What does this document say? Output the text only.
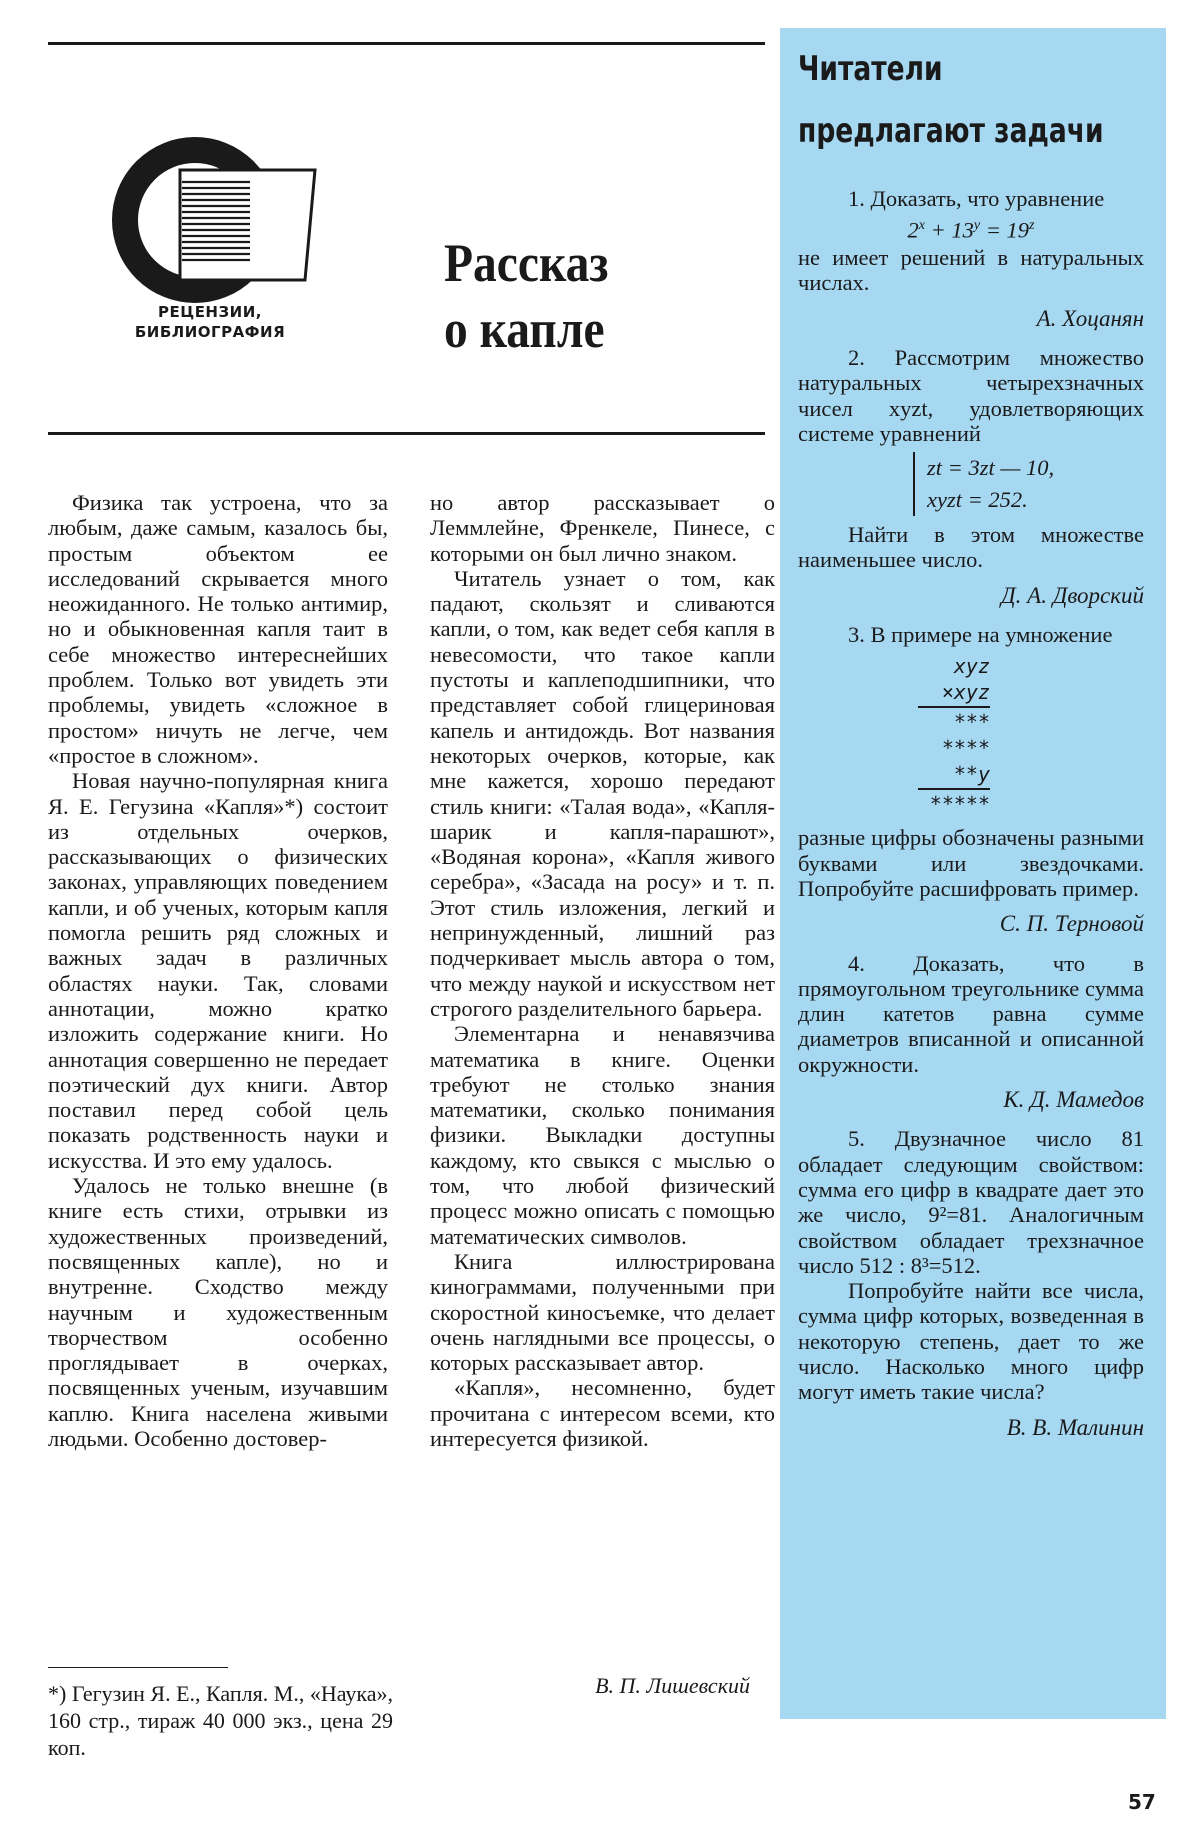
РЕЦЕНЗИИ,
БИБЛИОГРАФИЯ
Рассказ
о капле

Физика так устроена, что за любым, даже самым, казалось бы, простым объектом ее исследований скрывается много неожиданного. Не только антимир, но и обыкновенная капля таит в себе множество интереснейших проблем. Только вот увидеть эти проблемы, увидеть «сложное в простом» ничуть не легче, чем «простое в сложном».

Новая научно-популярная книга Я. Е. Гегузина «Капля»*) состоит из отдельных очерков, рассказывающих о физических законах, управляющих поведением капли, и об ученых, которым капля помогла решить ряд сложных и важных задач в различных областях науки. Так, словами аннотации, можно кратко изложить содержание книги. Но аннотация совершенно не передает поэтический дух книги. Автор поставил перед собой цель показать родственность науки и искусства. И это ему удалось.

Удалось не только внешне (в книге есть стихи, отрывки из художественных произведений, посвященных капле), но и внутренне. Сходство между научным и художественным творчеством особенно проглядывает в очерках, посвященных ученым, изучавшим каплю. Книга населена живыми людьми. Особенно достовер-

но автор рассказывает о Леммлейне, Френкеле, Пинесе, с которыми он был лично знаком.

Читатель узнает о том, как падают, скользят и сливаются капли, о том, как ведет себя капля в невесомости, что такое капли пустоты и каплеподшипники, что представляет собой глицериновая капель и антидождь. Вот названия некоторых очерков, которые, как мне кажется, хорошо передают стиль книги: «Талая вода», «Капля-шарик и капля-парашют», «Водяная корона», «Капля живого серебра», «Засада на росу» и т. п. Этот стиль изложения, легкий и непринужденный, лишний раз подчеркивает мысль автора о том, что между наукой и искусством нет строгого разделительного барьера.

Элементарна и ненавязчива математика в книге. Оценки требуют не столько знания математики, сколько понимания физики. Выкладки доступны каждому, кто свыкся с мыслью о том, что любой физический процесс можно описать с помощью математических символов.

Книга иллюстрирована кинограммами, полученными при скоростной киносъемке, что делает очень наглядными все процессы, о которых рассказывает автор.

«Капля», несомненно, будет прочитана с интересом всеми, кто интересуется физикой.

*) Гегузин Я. Е., Капля. М., «Наука», 160 стр., тираж 40 000 экз., цена 29 коп.
В. П. Лишевский
Читатели
предлагают задачи

1. Доказать, что уравнение

$2^x + 13^y = 19^z$

не имеет решений в натуральных числах.

А. Хоцанян

2. Рассмотрим множество натуральных четырехзначных чисел xyzt, удовлетворяющих системе уравнений

zt = 3zt — 10,
xyzt = 252.

Найти в этом множестве наименьшее число.

Д. А. Дворский

3. В примере на умножение

xyz
×xyz
***
****
**y
*****

разные цифры обозначены разными буквами или звездочками. Попробуйте расшифровать пример.

С. П. Терновой

4. Доказать, что в прямоугольном треугольнике сумма длин катетов равна сумме диаметров вписанной и описанной окружности.

К. Д. Мамедов

5. Двузначное число 81 обладает следующим свойством: сумма его цифр в квадрате дает это же число, 9²=81. Аналогичным свойством обладает трехзначное число 512 : 8³=512.

Попробуйте найти все числа, сумма цифр которых, возведенная в некоторую степень, дает то же число. Насколько много цифр могут иметь такие числа?

В. В. Малинин
57
